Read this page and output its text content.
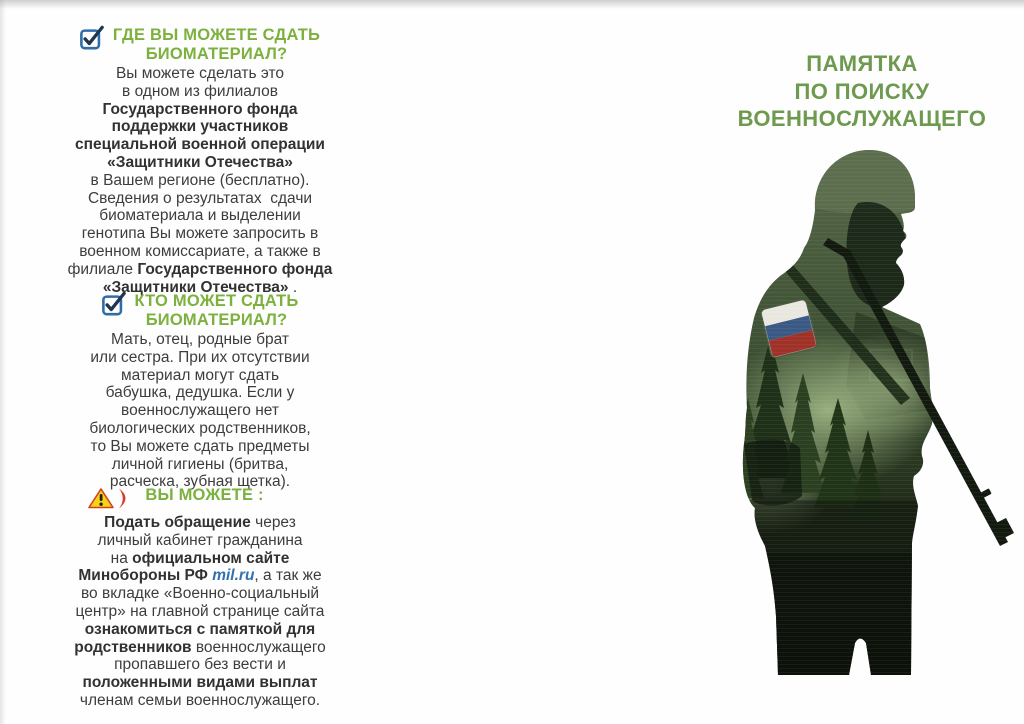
ГДЕ ВЫ МОЖЕТЕ СДАТЬ
БИОМАТЕРИАЛ?
Вы можете сделать это
в одном из филиалов
Государственного фонда
поддержки участников
специальной военной операции
«Защитники Отечества»
в Вашем регионе (бесплатно).
Сведения о результатах  сдачи
биоматериала и выделении
генотипа Вы можете запросить в
военном комиссариате, а также в
филиале Государственного фонда
«Защитники Отечества» .
КТО МОЖЕТ СДАТЬ
БИОМАТЕРИАЛ?
Мать, отец, родные брат
или сестра. При их отсутствии
материал могут сдать
бабушка, дедушка. Если у
военнослужащего нет
биологических родственников,
то Вы можете сдать предметы
личной гигиены (бритва,
расческа, зубная щетка).
ВЫ МОЖЕТЕ :
Подать обращение через
личный кабинет гражданина
на официальном сайте
Минобороны РФ mil.ru, а так же
во вкладке «Военно-социальный
центр» на главной странице сайта
ознакомиться с памяткой для
родственников военнослужащего
пропавшего без вести и
положенными видами выплат
членам семьи военнослужащего.
ПАМЯТКА
ПО ПОИСКУ
ВОЕННОСЛУЖАЩЕГО
